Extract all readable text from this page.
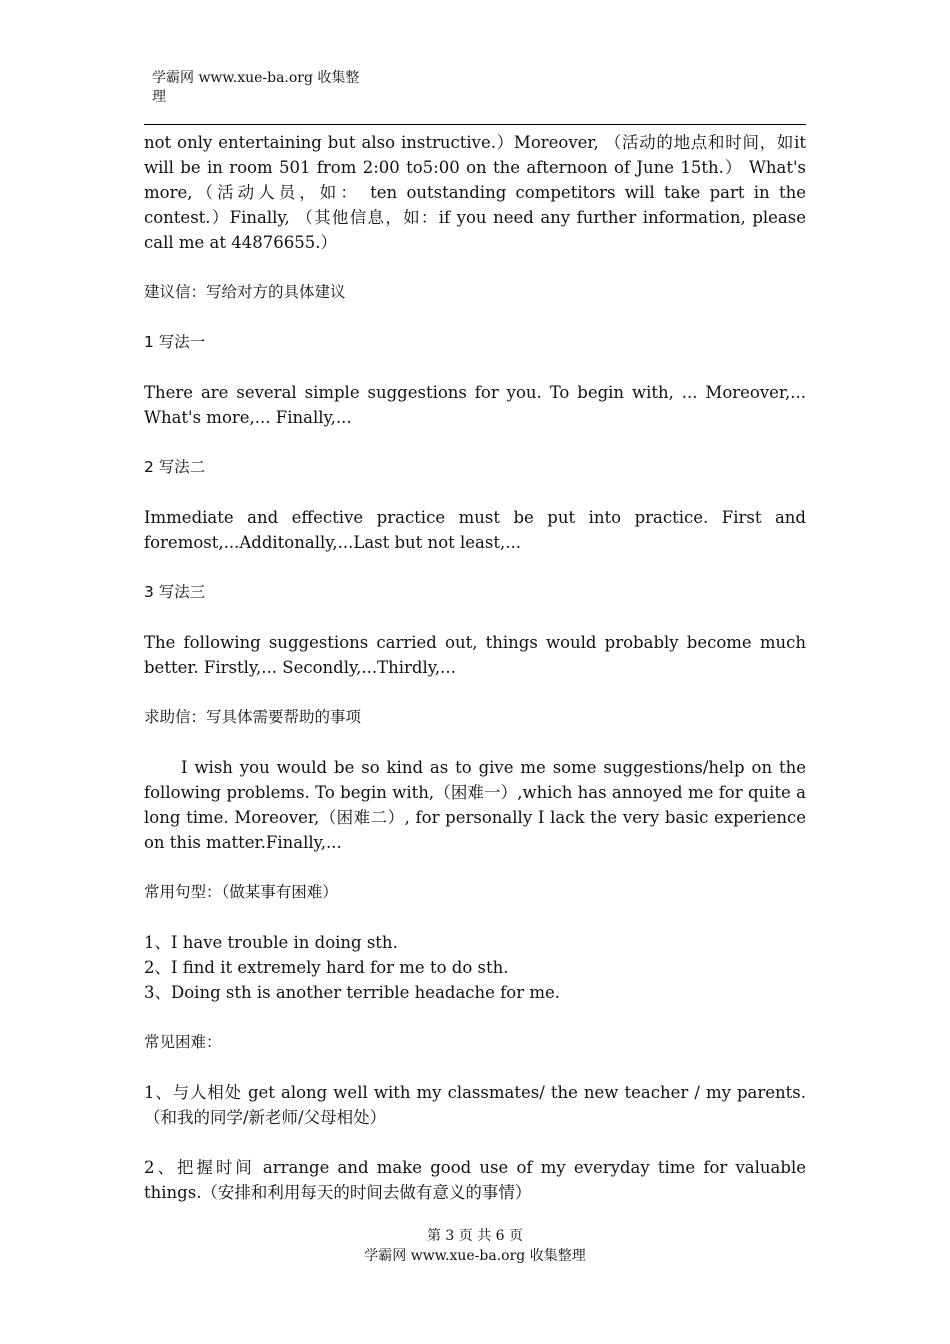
学霸网 www.xue-ba.org 收集整理

not only entertaining but also instructive.）Moreover, （活动的地点和时间，如it will be in room 501 from 2:00 to5:00 on the afternoon of June 15th.） What's more,（活动人员，如： ten outstanding competitors will take part in the contest.）Finally, （其他信息，如：if you need any further information, please call me at 44876655.）

建议信：写给对方的具体建议

1 写法一

There are several simple suggestions for you. To begin with, ... Moreover,... What's more,... Finally,...

2 写法二

Immediate and effective practice must be put into practice. First and foremost,...Additonally,...Last but not least,...

3 写法三

The following suggestions carried out, things would probably become much better. Firstly,... Secondly,...Thirdly,...

求助信：写具体需要帮助的事项

I wish you would be so kind as to give me some suggestions/help on the following problems. To begin with,（困难一）,which has annoyed me for quite a long time. Moreover,（困难二）, for personally I lack the very basic experience on this matter.Finally,...

常用句型：（做某事有困难）

1、I have trouble in doing sth.

2、I find it extremely hard for me to do sth.

3、Doing sth is another terrible headache for me.

常见困难：

1、与人相处 get along well with my classmates/ the new teacher / my parents.（和我的同学/新老师/父母相处）

2、把握时间 arrange and make good use of my everyday time for valuable things.（安排和利用每天的时间去做有意义的事情）

第 3 页 共 6 页
学霸网 www.xue-ba.org 收集整理
